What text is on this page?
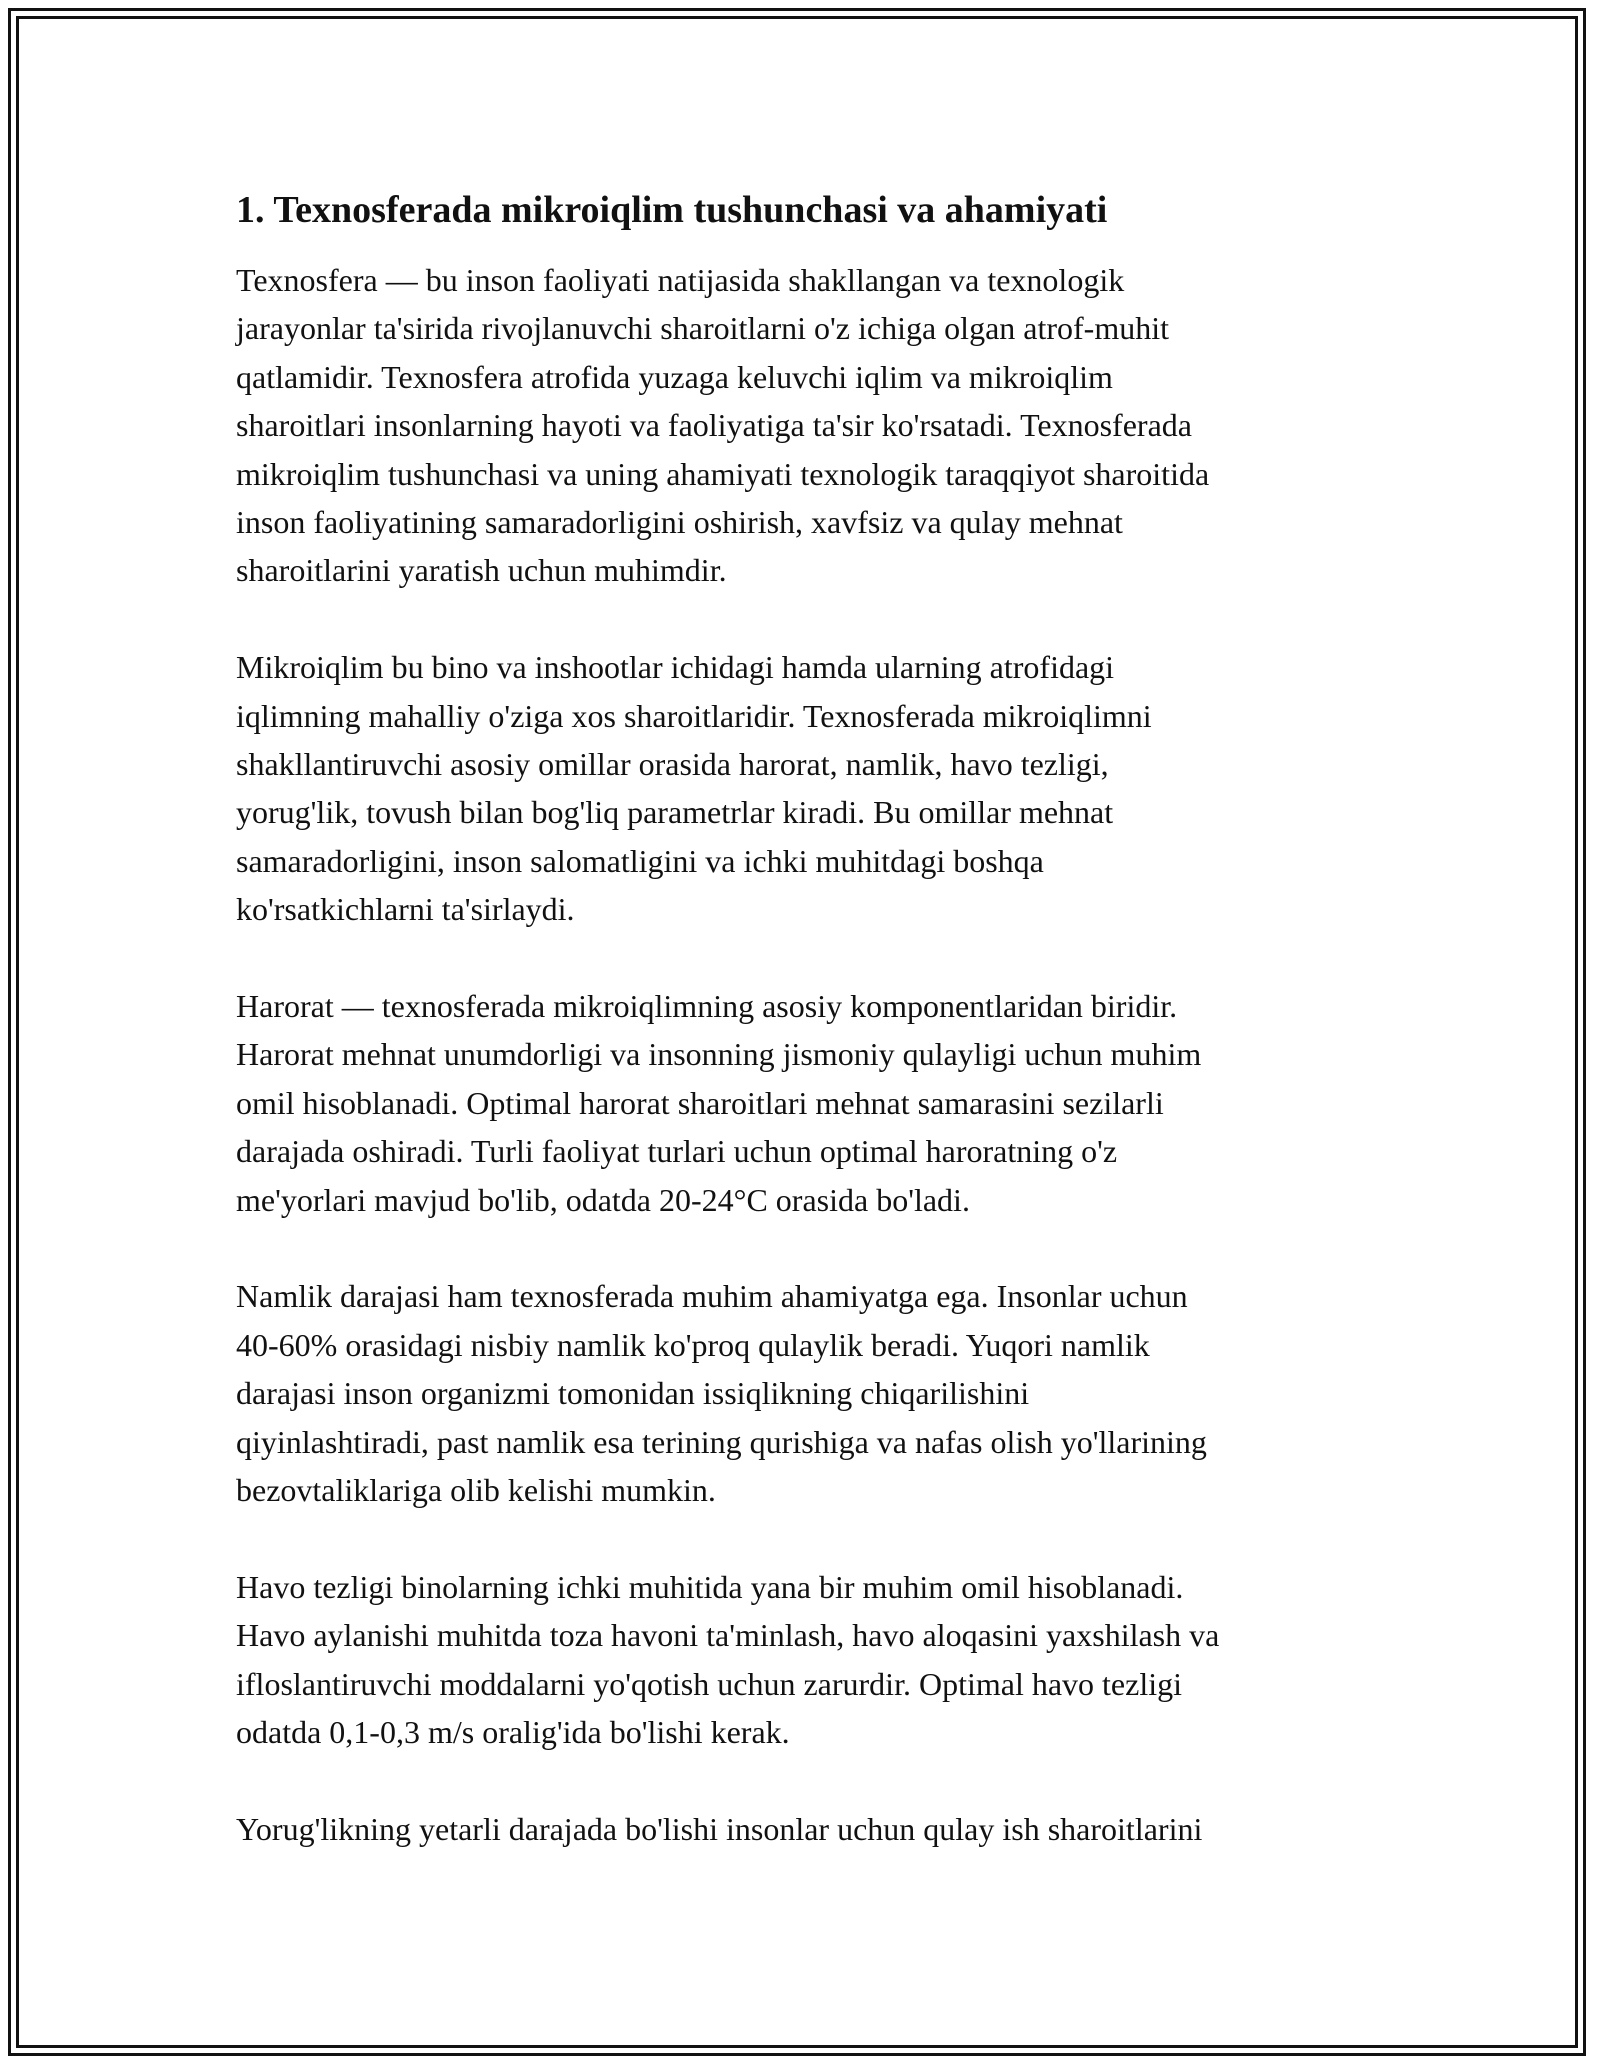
1. Texnosferada mikroiqlim tushunchasi va ahamiyati

Texnosfera — bu inson faoliyati natijasida shakllangan va texnologik
jarayonlar ta'sirida rivojlanuvchi sharoitlarni o'z ichiga olgan atrof-muhit
qatlamidir. Texnosfera atrofida yuzaga keluvchi iqlim va mikroiqlim
sharoitlari insonlarning hayoti va faoliyatiga ta'sir ko'rsatadi. Texnosferada
mikroiqlim tushunchasi va uning ahamiyati texnologik taraqqiyot sharoitida
inson faoliyatining samaradorligini oshirish, xavfsiz va qulay mehnat
sharoitlarini yaratish uchun muhimdir.

Mikroiqlim bu bino va inshootlar ichidagi hamda ularning atrofidagi
iqlimning mahalliy o'ziga xos sharoitlaridir. Texnosferada mikroiqlimni
shakllantiruvchi asosiy omillar orasida harorat, namlik, havo tezligi,
yorug'lik, tovush bilan bog'liq parametrlar kiradi. Bu omillar mehnat
samaradorligini, inson salomatligini va ichki muhitdagi boshqa
ko'rsatkichlarni ta'sirlaydi.

Harorat — texnosferada mikroiqlimning asosiy komponentlaridan biridir.
Harorat mehnat unumdorligi va insonning jismoniy qulayligi uchun muhim
omil hisoblanadi. Optimal harorat sharoitlari mehnat samarasini sezilarli
darajada oshiradi. Turli faoliyat turlari uchun optimal haroratning o'z
me'yorlari mavjud bo'lib, odatda 20-24°C orasida bo'ladi.

Namlik darajasi ham texnosferada muhim ahamiyatga ega. Insonlar uchun
40-60% orasidagi nisbiy namlik ko'proq qulaylik beradi. Yuqori namlik
darajasi inson organizmi tomonidan issiqlikning chiqarilishini
qiyinlashtiradi, past namlik esa terining qurishiga va nafas olish yo'llarining
bezovtaliklariga olib kelishi mumkin.

Havo tezligi binolarning ichki muhitida yana bir muhim omil hisoblanadi.
Havo aylanishi muhitda toza havoni ta'minlash, havo aloqasini yaxshilash va
ifloslantiruvchi moddalarni yo'qotish uchun zarurdir. Optimal havo tezligi
odatda 0,1-0,3 m/s oralig'ida bo'lishi kerak.

Yorug'likning yetarli darajada bo'lishi insonlar uchun qulay ish sharoitlarini
